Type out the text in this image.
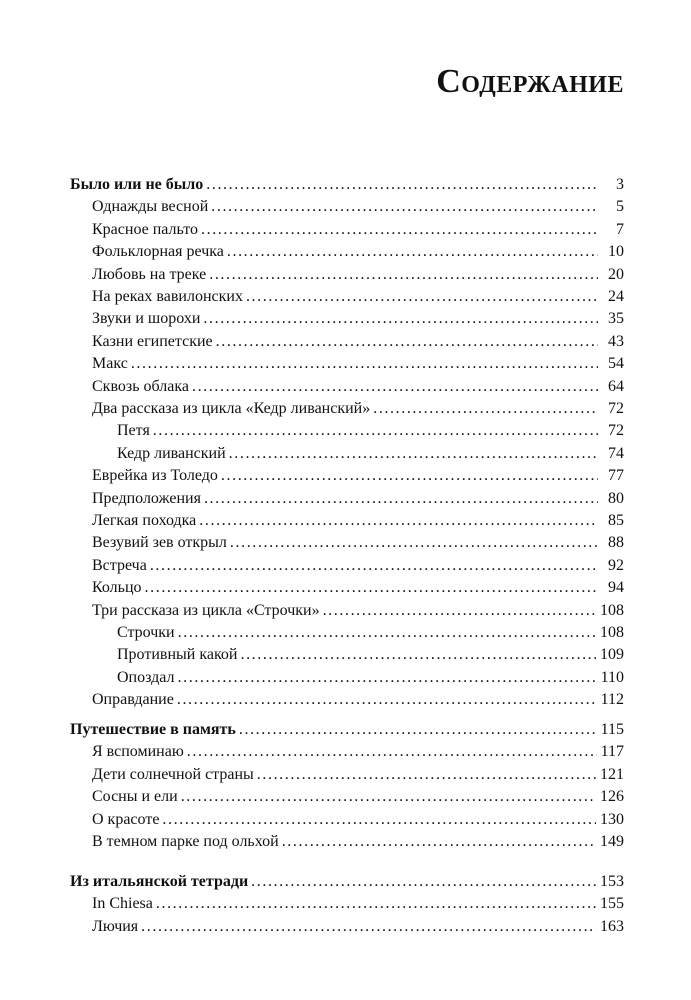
Содержание
Было или не было . . .	3
Однажды весной . . .	5
Красное пальто . . .	7
Фольклорная речка . . .	10
Любовь на треке . . .	20
На реках вавилонских . . .	24
Звуки и шорохи . . .	35
Казни египетские . . .	43
Макс . . .	54
Сквозь облака . . .	64
Два рассказа из цикла «Кедр ливанский» . . .	72
Петя . . .	72
Кедр ливанский . . .	74
Еврейка из Толедо . . .	77
Предположения . . .	80
Легкая походка . . .	85
Везувий зев открыл . . .	88
Встреча . . .	92
Кольцо . . .	94
Три рассказа из цикла «Строчки» . . .	108
Строчки . . .	108
Противный какой . . .	109
Опоздал . . .	110
Оправдание . . .	112
Путешествие в память . . .	115
Я вспоминаю . . .	117
Дети солнечной страны . . .	121
Сосны и ели . . .	126
О красоте . . .	130
В темном парке под ольхой . . .	149
Из итальянской тетради . . .	153
In Chiesa . . .	155
Лючия . . .	163
